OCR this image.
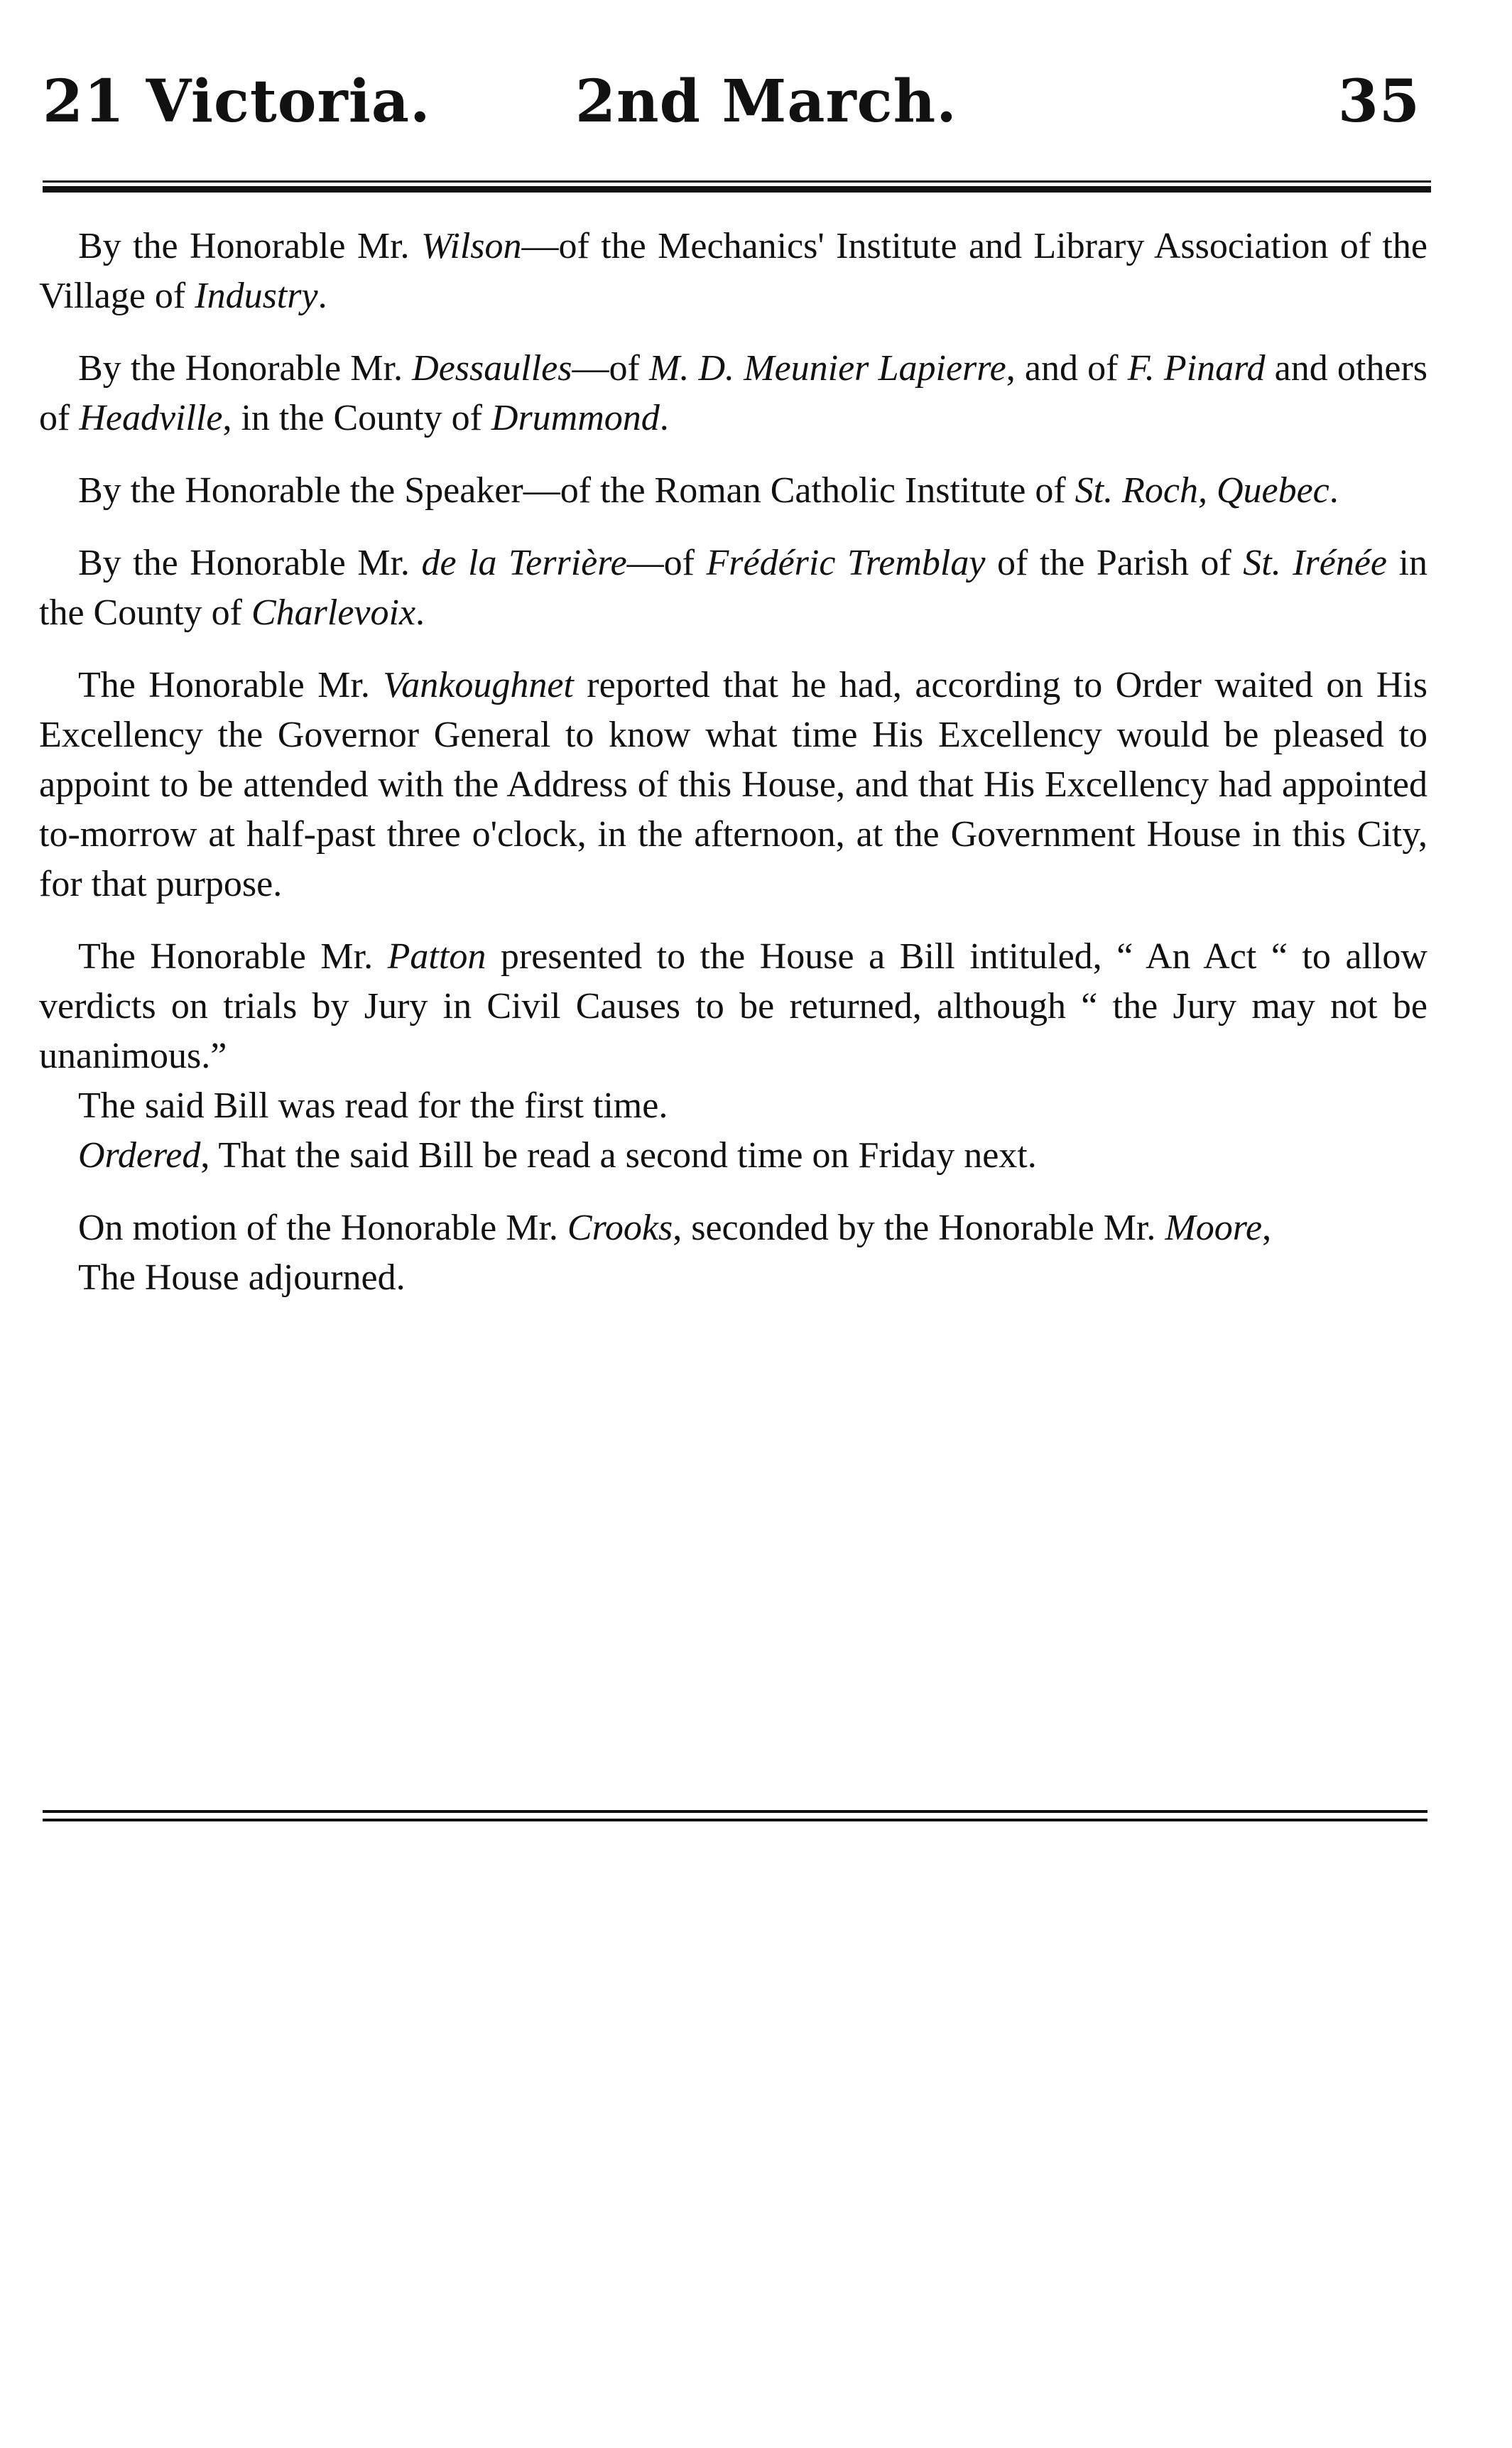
21 Victoria. 2nd March.	35

By the Honorable Mr. Wilson—of the Mechanics' Institute and Library Association of the Village of Industry.

By the Honorable Mr. Dessaulles—of M. D. Meunier Lapierre, and of F. Pinard and others of Headville, in the County of Drummond.

By the Honorable the Speaker—of the Roman Catholic Institute of St. Roch, Quebec.

By the Honorable Mr. de la Terrière—of Frédéric Tremblay of the Parish of St. Irénée in the County of Charlevoix.

The Honorable Mr. Vankoughnet reported that he had, according to Order waited on His Excellency the Governor General to know what time His Excellency would be pleased to appoint to be attended with the Address of this House, and that His Excellency had appointed to-morrow at half-past three o'clock, in the afternoon, at the Government House in this City, for that purpose.

The Honorable Mr. Patton presented to the House a Bill intituled, “ An Act “ to allow verdicts on trials by Jury in Civil Causes to be returned, although “ the Jury may not be unanimous.”

The said Bill was read for the first time.

Ordered, That the said Bill be read a second time on Friday next.

On motion of the Honorable Mr. Crooks, seconded by the Honorable Mr. Moore,

The House adjourned.
